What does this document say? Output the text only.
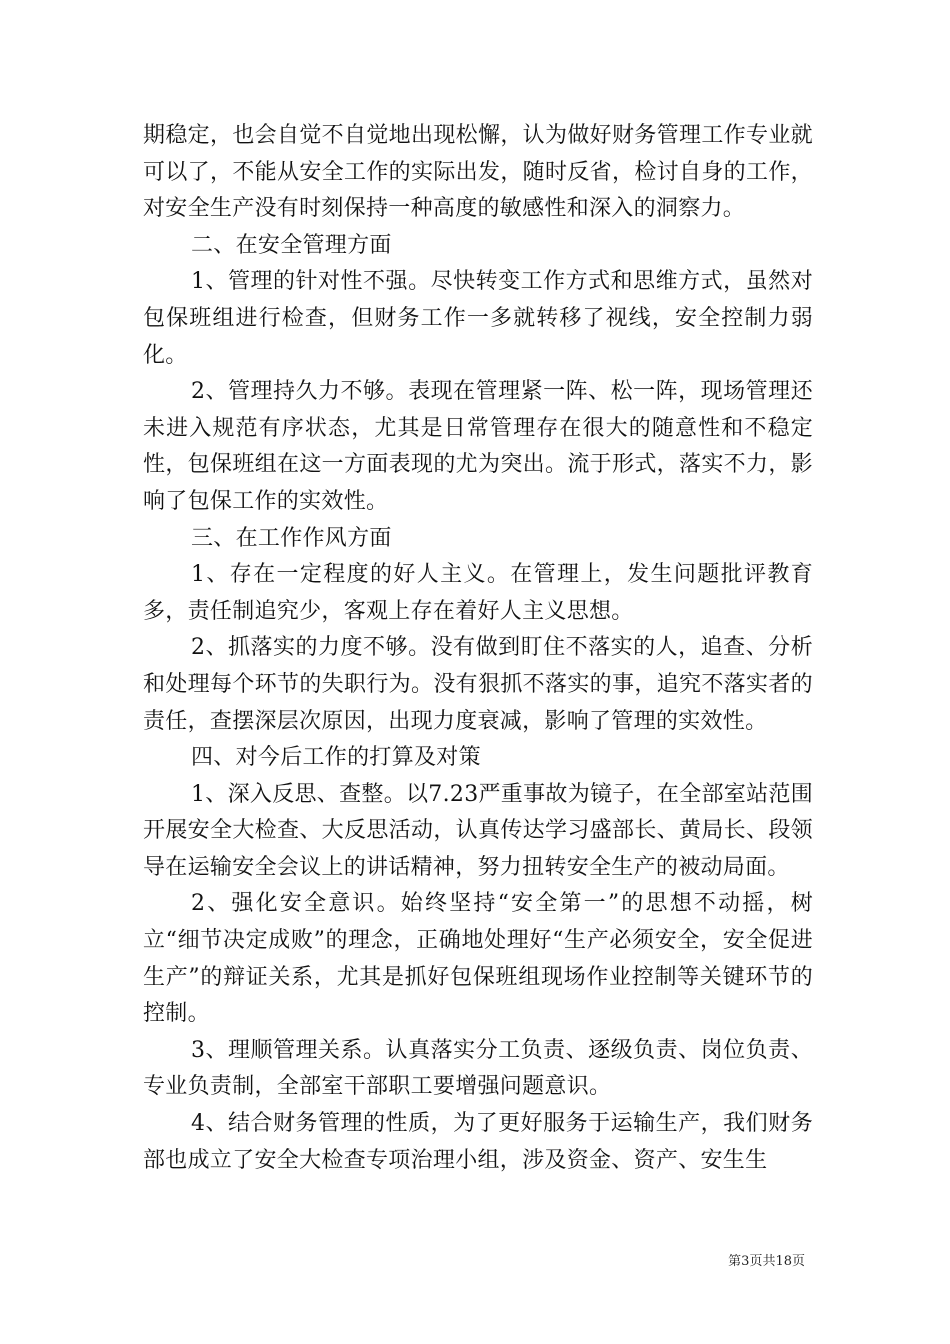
期稳定，也会自觉不自觉地出现松懈，认为做好财务管理工作专业就可以了，不能从安全工作的实际出发，随时反省，检讨自身的工作，对安全生产没有时刻保持一种高度的敏感性和深入的洞察力。

二、在安全管理方面

1、管理的针对性不强。尽快转变工作方式和思维方式，虽然对包保班组进行检查，但财务工作一多就转移了视线，安全控制力弱化。

2、管理持久力不够。表现在管理紧一阵、松一阵，现场管理还未进入规范有序状态，尤其是日常管理存在很大的随意性和不稳定性，包保班组在这一方面表现的尤为突出。流于形式，落实不力，影响了包保工作的实效性。

三、在工作作风方面

1、存在一定程度的好人主义。在管理上，发生问题批评教育多，责任制追究少，客观上存在着好人主义思想。

2、抓落实的力度不够。没有做到盯住不落实的人，追查、分析和处理每个环节的失职行为。没有狠抓不落实的事，追究不落实者的责任，查摆深层次原因，出现力度衰减，影响了管理的实效性。

四、对今后工作的打算及对策

1、深入反思、查整。以7.23严重事故为镜子，在全部室站范围开展安全大检查、大反思活动，认真传达学习盛部长、黄局长、段领导在运输安全会议上的讲话精神，努力扭转安全生产的被动局面。

2、强化安全意识。始终坚持“安全第一”的思想不动摇，树立“细节决定成败”的理念，正确地处理好“生产必须安全，安全促进生产”的辩证关系，尤其是抓好包保班组现场作业控制等关键环节的控制。

3、理顺管理关系。认真落实分工负责、逐级负责、岗位负责、专业负责制，全部室干部职工要增强问题意识。

4、结合财务管理的性质，为了更好服务于运输生产，我们财务部也成立了安全大检查专项治理小组，涉及资金、资产、安生生

第3页共18页
